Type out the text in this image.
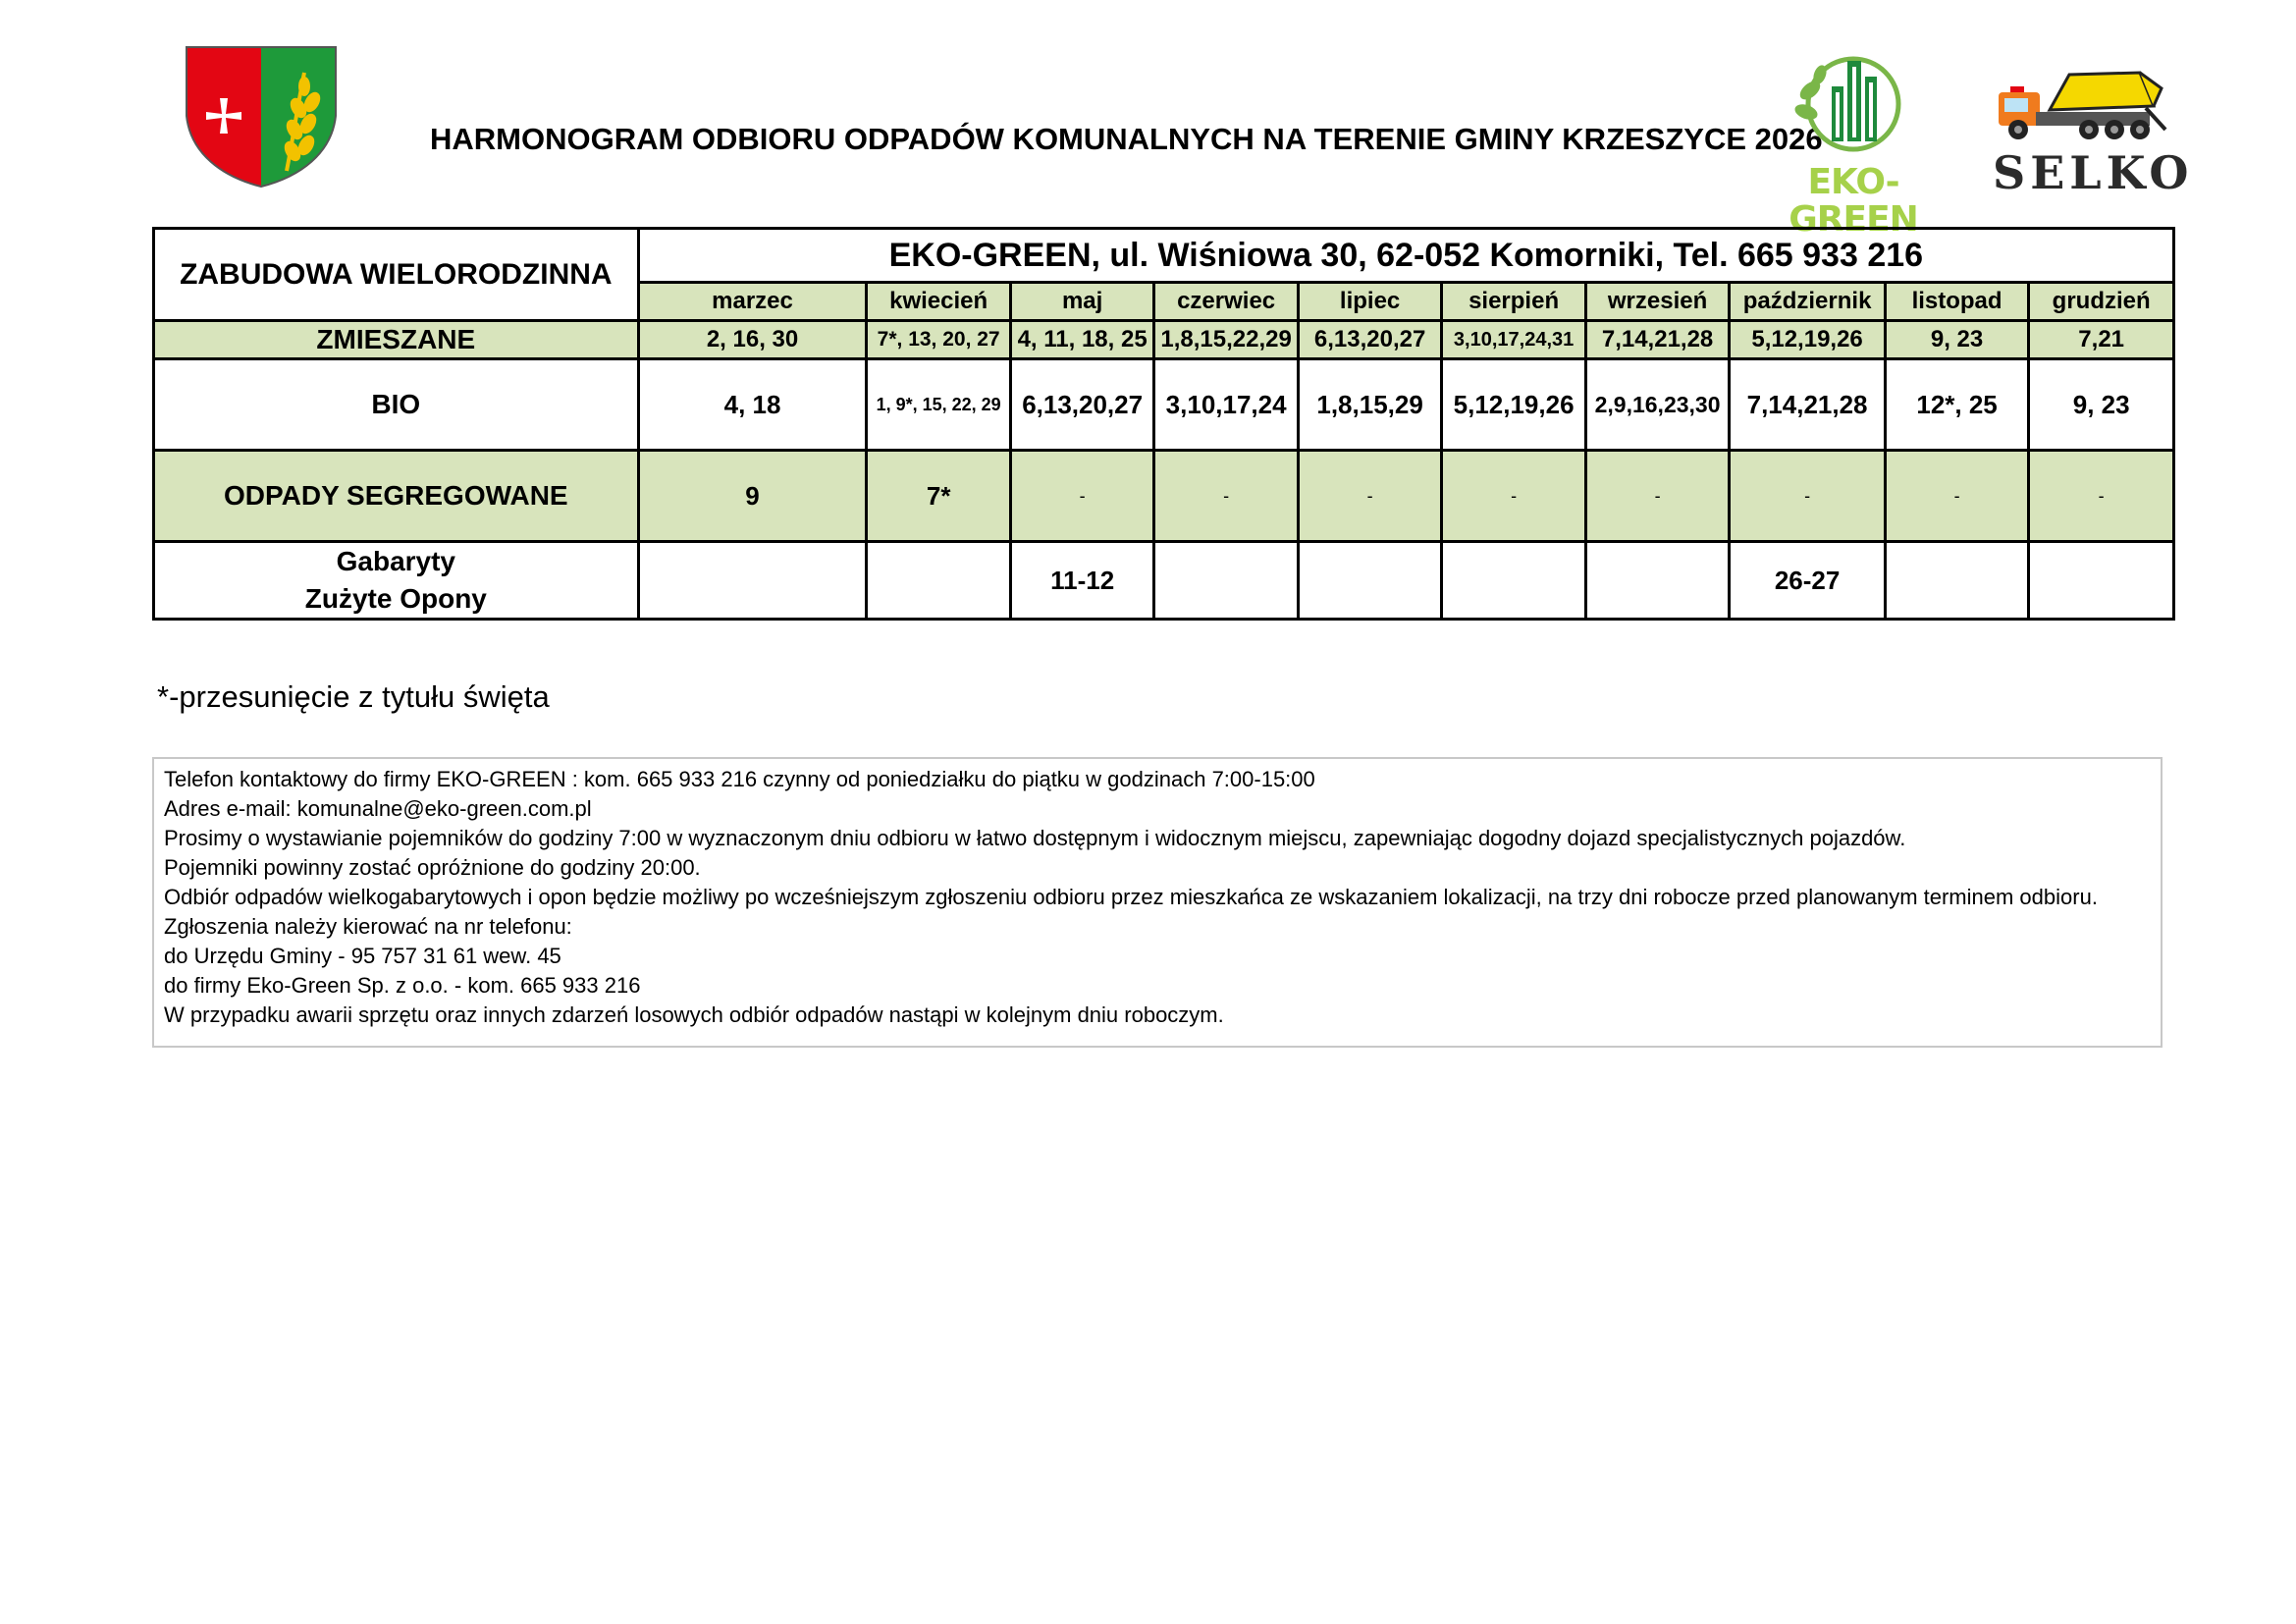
HARMONOGRAM ODBIORU ODPADÓW KOMUNALNYCH NA TERENIE GMINY KRZESZYCE 2026
EKO-GREEN
SELKO
ZABUDOWA WIELORODZINNA	EKO-GREEN, ul. Wiśniowa 30, 62-052 Komorniki, Tel. 665 933 216									
	marzec	kwiecień	maj	czerwiec	lipiec	sierpień	wrzesień	październik	listopad	grudzień
ZMIESZANE	2, 16, 30	7*, 13, 20, 27	4, 11, 18, 25	1,8,15,22,29	6,13,20,27	3,10,17,24,31	7,14,21,28	5,12,19,26	9, 23	7,21
BIO	4, 18	1, 9*, 15, 22, 29	6,13,20,27	3,10,17,24	1,8,15,29	5,12,19,26	2,9,16,23,30	7,14,21,28	12*, 25	9, 23
ODPADY SEGREGOWANE	9	7*	-	-	-	-	-	-	-	-

Gabaryty
Zużyte Opony			11-12					26-27		
*-przesunięcie z tytułu święta
Telefon kontaktowy do firmy EKO-GREEN : kom. 665 933 216 czynny od poniedziałku do piątku w godzinach 7:00-15:00
Adres e-mail: komunalne@eko-green.com.pl
Prosimy o wystawianie pojemników do godziny 7:00 w wyznaczonym dniu odbioru w łatwo dostępnym i widocznym miejscu, zapewniając dogodny dojazd specjalistycznych pojazdów.
Pojemniki powinny zostać opróżnione do godziny 20:00.
Odbiór odpadów wielkogabarytowych i opon będzie możliwy po wcześniejszym zgłoszeniu odbioru przez mieszkańca ze wskazaniem lokalizacji, na trzy dni robocze przed planowanym terminem odbioru.
Zgłoszenia należy kierować na nr telefonu:
do Urzędu Gminy - 95 757 31 61 wew. 45
do firmy Eko-Green Sp. z o.o. - kom. 665 933 216
W przypadku awarii sprzętu oraz innych zdarzeń losowych odbiór odpadów nastąpi w kolejnym dniu roboczym.
